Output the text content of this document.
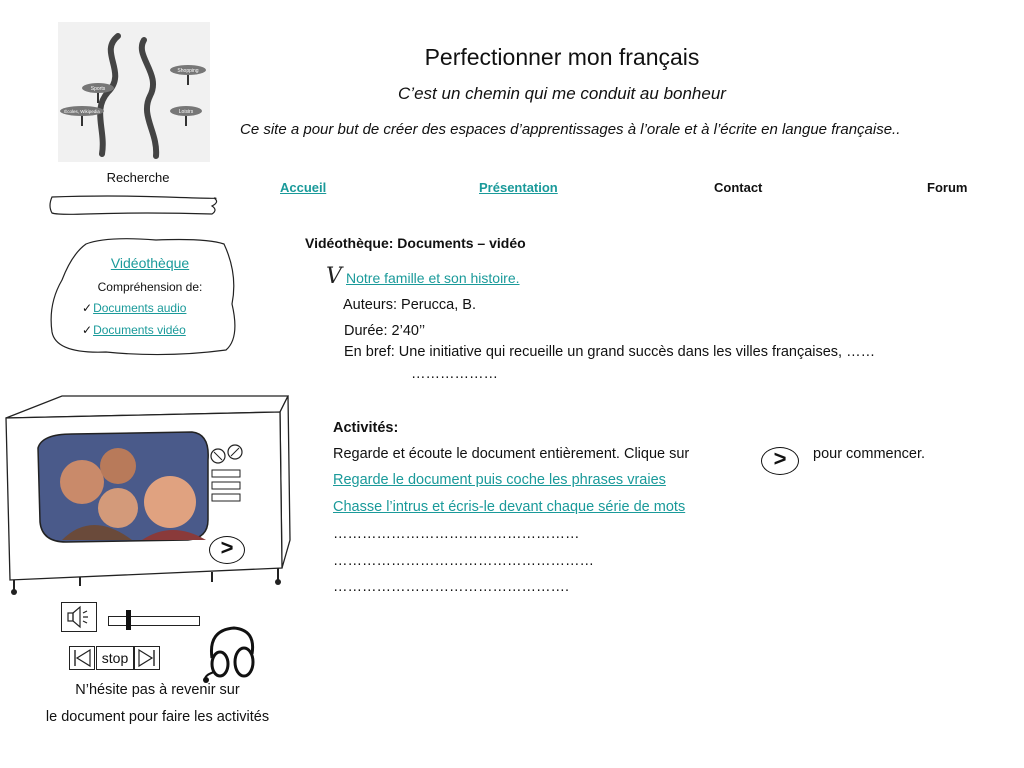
Shopping
Sports
Écoles, Wikipedia	Loisirs
Perfectionner mon français
C’est un chemin qui me conduit au bonheur
Ce site a pour but de créer des espaces d’apprentissages à l’orale et à l’écrite en langue française..
Recherche
Accueil	Présentation	Contact	Forum
Vidéothèque
Compréhension de:
✓Documents audio
✓Documents vidéo
Vidéothèque: Documents – vidéo
V Notre famille et son histoire.
Auteurs: Perucca, B.
Durée: 2’40’’
En bref: Une initiative qui recueille un grand succès dans les villes françaises, ……
………………
Activités:
Regarde et écoute le document entièrement. Clique sur	>	pour commencer.
Regarde le document puis coche les phrases vraies
Chasse l’intrus et écris-le devant chaque série de mots
……………………………………………
………………………………………………
………………………………………….
>
stop
N’hésite pas à revenir sur
le document pour faire les activités
